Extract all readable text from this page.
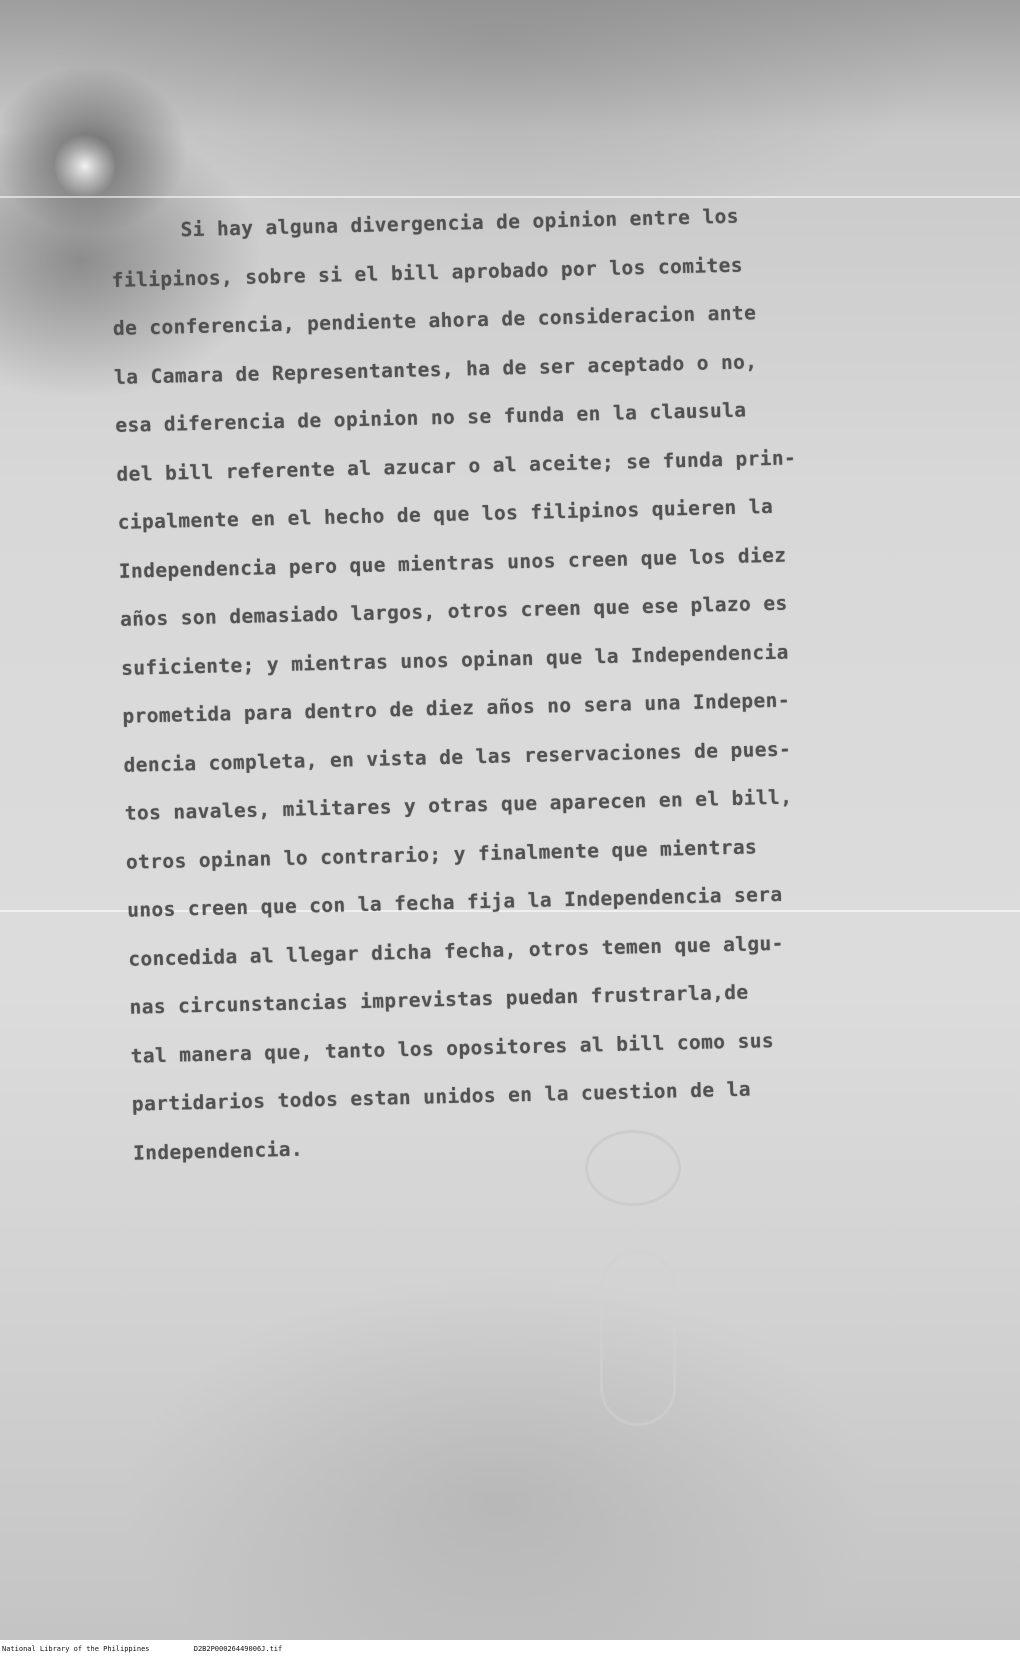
Si hay alguna divergencia de opinion entre los
filipinos, sobre si el bill aprobado por los comites
de conferencia, pendiente ahora de consideracion ante
la Camara de Representantes, ha de ser aceptado o no,
esa diferencia de opinion no se funda en la clausula
del bill referente al azucar o al aceite; se funda prin-
cipalmente en el hecho de que los filipinos quieren la
Independencia pero que mientras unos creen que los diez
años son demasiado largos, otros creen que ese plazo es
suficiente; y mientras unos opinan que la Independencia
prometida para dentro de diez años no sera una Indepen-
dencia completa, en vista de las reservaciones de pues-
tos navales, militares y otras que aparecen en el bill,
otros opinan lo contrario; y finalmente que mientras
unos creen que con la fecha fija la Independencia sera
concedida al llegar dicha fecha, otros temen que algu-
nas circunstancias imprevistas puedan frustrarla,de
tal manera que, tanto los opositores al bill como sus
partidarios todos estan unidos en la cuestion de la
Independencia.
National Library of the Philippines	D2B2P00026449006J.tif
